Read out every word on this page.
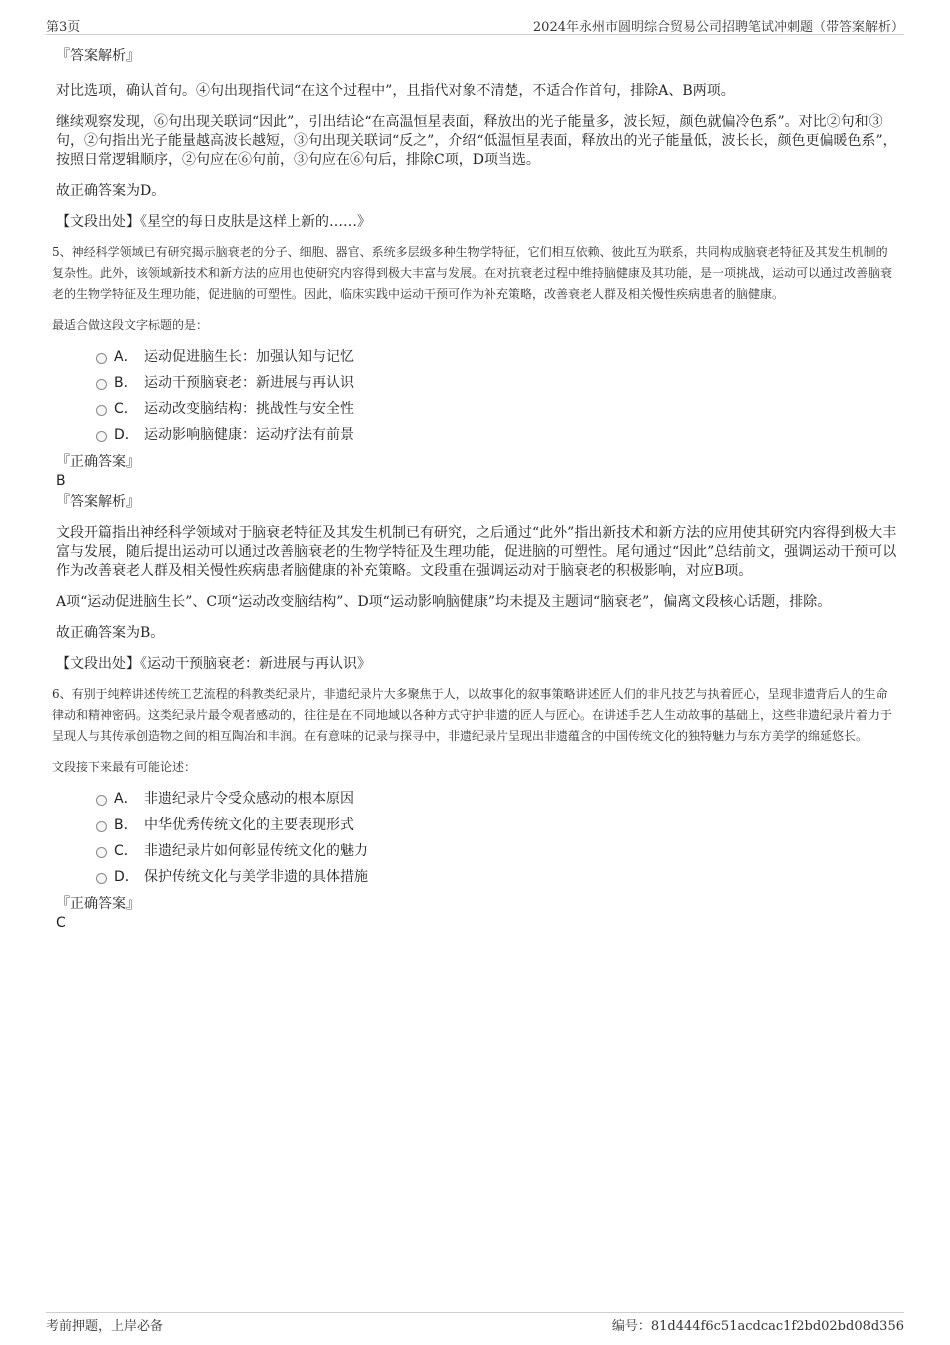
第3页	2024年永州市圆明综合贸易公司招聘笔试冲刺题（带答案解析）
『答案解析』

对比选项，确认首句。④句出现指代词“在这个过程中”，且指代对象不清楚，不适合作首句，排除A、B两项。

继续观察发现，⑥句出现关联词“因此”，引出结论“在高温恒星表面，释放出的光子能量多，波长短，颜色就偏冷色系”。对比②句和③句，②句指出光子能量越高波长越短，③句出现关联词“反之”，介绍“低温恒星表面，释放出的光子能量低，波长长，颜色更偏暖色系”，按照日常逻辑顺序，②句应在⑥句前，③句应在⑥句后，排除C项，D项当选。

故正确答案为D。

【文段出处】《星空的每日皮肤是这样上新的……》

5、神经科学领域已有研究揭示脑衰老的分子、细胞、器官、系统多层级多种生物学特征，它们相互依赖、彼此互为联系，共同构成脑衰老特征及其发生机制的复杂性。此外，该领域新技术和新方法的应用也使研究内容得到极大丰富与发展。在对抗衰老过程中维持脑健康及其功能，是一项挑战，运动可以通过改善脑衰老的生物学特征及生理功能，促进脑的可塑性。因此，临床实践中运动干预可作为补充策略，改善衰老人群及相关慢性疾病患者的脑健康。

最适合做这段文字标题的是：

A． 运动促进脑生长：加强认知与记忆
B． 运动干预脑衰老：新进展与再认识
C． 运动改变脑结构：挑战性与安全性
D． 运动影响脑健康：运动疗法有前景
『正确答案』
B
『答案解析』

文段开篇指出神经科学领域对于脑衰老特征及其发生机制已有研究，之后通过“此外”指出新技术和新方法的应用使其研究内容得到极大丰富与发展，随后提出运动可以通过改善脑衰老的生物学特征及生理功能，促进脑的可塑性。尾句通过“因此”总结前文，强调运动干预可以作为改善衰老人群及相关慢性疾病患者脑健康的补充策略。文段重在强调运动对于脑衰老的积极影响，对应B项。

A项“运动促进脑生长”、C项“运动改变脑结构”、D项“运动影响脑健康”均未提及主题词“脑衰老”，偏离文段核心话题，排除。

故正确答案为B。

【文段出处】《运动干预脑衰老：新进展与再认识》

6、有别于纯粹讲述传统工艺流程的科教类纪录片，非遗纪录片大多聚焦于人，以故事化的叙事策略讲述匠人们的非凡技艺与执着匠心，呈现非遗背后人的生命律动和精神密码。这类纪录片最令观者感动的，往往是在不同地域以各种方式守护非遗的匠人与匠心。在讲述手艺人生动故事的基础上，这些非遗纪录片着力于呈现人与其传承创造物之间的相互陶冶和丰润。在有意味的记录与探寻中，非遗纪录片呈现出非遗蕴含的中国传统文化的独特魅力与东方美学的绵延悠长。

文段接下来最有可能论述：

A． 非遗纪录片令受众感动的根本原因
B． 中华优秀传统文化的主要表现形式
C． 非遗纪录片如何彰显传统文化的魅力
D． 保护传统文化与美学非遗的具体措施
『正确答案』
C
考前押题，上岸必备	编号：81d444f6c51acdcac1f2bd02bd08d356
